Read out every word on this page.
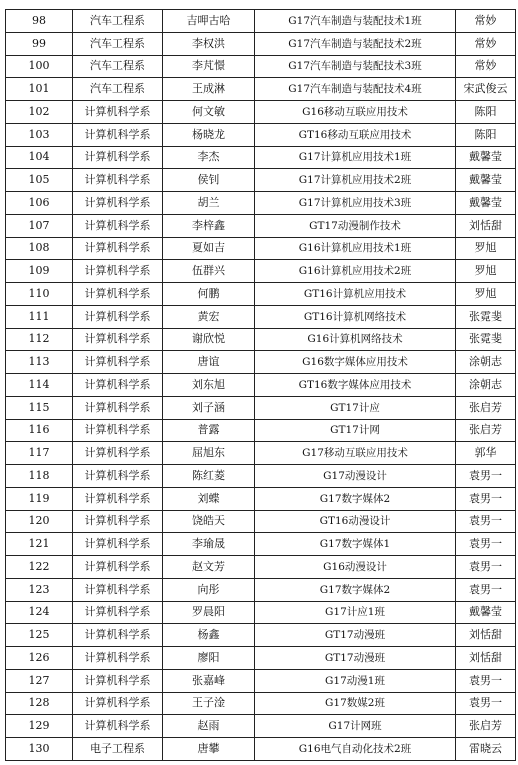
98	汽车工程系	吉呷古哈	G17汽车制造与装配技术1班	常妙
99	汽车工程系	李权洪	G17汽车制造与装配技术2班	常妙
100	汽车工程系	李芃憬	G17汽车制造与装配技术3班	常妙
101	汽车工程系	王成淋	G17汽车制造与装配技术4班	宋武俊云
102	计算机科学系	何文敏	G16移动互联应用技术	陈阳
103	计算机科学系	杨晓龙	GT16移动互联应用技术	陈阳
104	计算机科学系	李杰	G17计算机应用技术1班	戴馨莹
105	计算机科学系	侯钊	G17计算机应用技术2班	戴馨莹
106	计算机科学系	胡兰	G17计算机应用技术3班	戴馨莹
107	计算机科学系	李梓鑫	GT17动漫制作技术	刘恬甜
108	计算机科学系	夏如吉	G16计算机应用技术1班	罗旭
109	计算机科学系	伍群兴	G16计算机应用技术2班	罗旭
110	计算机科学系	何鹏	GT16计算机应用技术	罗旭
111	计算机科学系	黄宏	GT16计算机网络技术	张霓斐
112	计算机科学系	谢欣悦	G16计算机网络技术	张霓斐
113	计算机科学系	唐谊	G16数字媒体应用技术	涂朝志
114	计算机科学系	刘东旭	GT16数字媒体应用技术	涂朝志
115	计算机科学系	刘子涵	GT17计应	张启芳
116	计算机科学系	普露	GT17计网	张启芳
117	计算机科学系	屈旭东	G17移动互联应用技术	郭华
118	计算机科学系	陈红菱	G17动漫设计	袁男一
119	计算机科学系	刘蝶	G17数字媒体2	袁男一
120	计算机科学系	饶皓天	GT16动漫设计	袁男一
121	计算机科学系	李瑜晟	G17数字媒体1	袁男一
122	计算机科学系	赵文芳	G16动漫设计	袁男一
123	计算机科学系	向彤	G17数字媒体2	袁男一
124	计算机科学系	罗晨阳	G17计应1班	戴馨莹
125	计算机科学系	杨鑫	GT17动漫班	刘恬甜
126	计算机科学系	廖阳	GT17动漫班	刘恬甜
127	计算机科学系	张嘉峰	G17动漫1班	袁男一
128	计算机科学系	王子淦	G17数媒2班	袁男一
129	计算机科学系	赵雨	G17计网班	张启芳
130	电子工程系	唐攀	G16电气自动化技术2班	雷晓云
